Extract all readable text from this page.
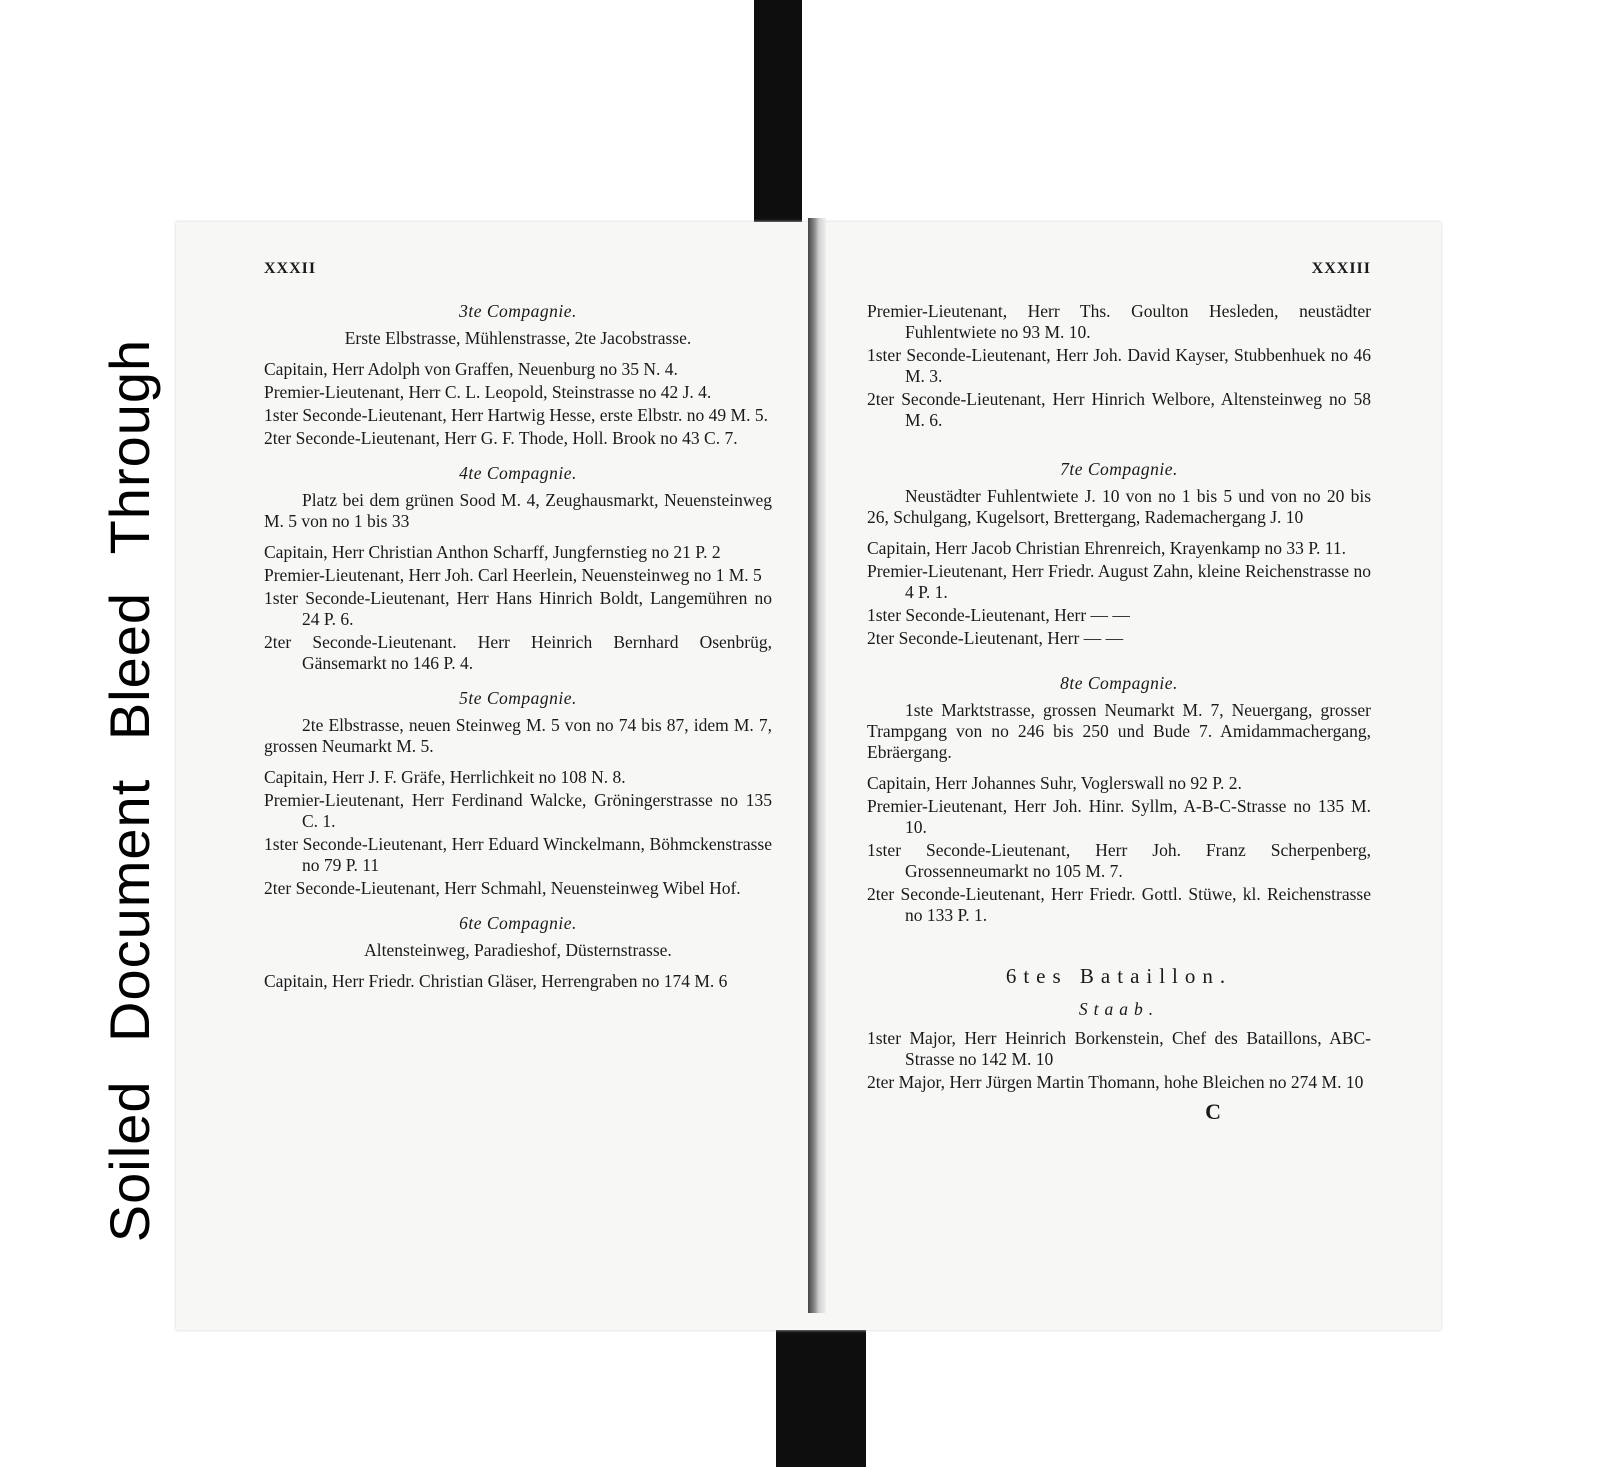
Soiled Document Bleed Through
XXXII
3te Compagnie.
Erste Elbstrasse, Mühlenstrasse, 2te Jacobstrasse.
Capitain, Herr Adolph von Graffen, Neuenburg no 35 N. 4.
Premier-Lieutenant, Herr C. L. Leopold, Steinstrasse no 42 J. 4.
1ster Seconde-Lieutenant, Herr Hartwig Hesse, erste Elbstr. no 49 M. 5.
2ter Seconde-Lieutenant, Herr G. F. Thode, Holl. Brook no 43 C. 7.
4te Compagnie.
Platz bei dem grünen Sood M. 4, Zeughausmarkt, Neuensteinweg M. 5 von no 1 bis 33
Capitain, Herr Christian Anthon Scharff, Jungfernstieg no 21 P. 2
Premier-Lieutenant, Herr Joh. Carl Heerlein, Neuensteinweg no 1 M. 5
1ster Seconde-Lieutenant, Herr Hans Hinrich Boldt, Langemühren no 24 P. 6.
2ter Seconde-Lieutenant. Herr Heinrich Bernhard Osenbrüg, Gänsemarkt no 146 P. 4.
5te Compagnie.
2te Elbstrasse, neuen Steinweg M. 5 von no 74 bis 87, idem M. 7, grossen Neumarkt M. 5.
Capitain, Herr J. F. Gräfe, Herrlichkeit no 108 N. 8.
Premier-Lieutenant, Herr Ferdinand Walcke, Gröningerstrasse no 135 C. 1.
1ster Seconde-Lieutenant, Herr Eduard Winckelmann, Böhmckenstrasse no 79 P. 11
2ter Seconde-Lieutenant, Herr Schmahl, Neuensteinweg Wibel Hof.
6te Compagnie.
Altensteinweg, Paradieshof, Düsternstrasse.
Capitain, Herr Friedr. Christian Gläser, Herrengraben no 174 M. 6
XXXIII
Premier-Lieutenant, Herr Ths. Goulton Hesleden, neustädter Fuhlentwiete no 93 M. 10.
1ster Seconde-Lieutenant, Herr Joh. David Kayser, Stubbenhuek no 46 M. 3.
2ter Seconde-Lieutenant, Herr Hinrich Welbore, Altensteinweg no 58 M. 6.
7te Compagnie.
Neustädter Fuhlentwiete J. 10 von no 1 bis 5 und von no 20 bis 26, Schulgang, Kugelsort, Brettergang, Rademachergang J. 10
Capitain, Herr Jacob Christian Ehrenreich, Krayenkamp no 33 P. 11.
Premier-Lieutenant, Herr Friedr. August Zahn, kleine Reichenstrasse no 4 P. 1.
1ster Seconde-Lieutenant, Herr — —
2ter Seconde-Lieutenant, Herr — —
8te Compagnie.
1ste Marktstrasse, grossen Neumarkt M. 7, Neuergang, grosser Trampgang von no 246 bis 250 und Bude 7. Amidammachergang, Ebräergang.
Capitain, Herr Johannes Suhr, Voglerswall no 92 P. 2.
Premier-Lieutenant, Herr Joh. Hinr. Syllm, A-B-C-Strasse no 135 M. 10.
1ster Seconde-Lieutenant, Herr Joh. Franz Scherpenberg, Grossenneumarkt no 105 M. 7.
2ter Seconde-Lieutenant, Herr Friedr. Gottl. Stüwe, kl. Reichenstrasse no 133 P. 1.
6tes Bataillon.
Staab.
1ster Major, Herr Heinrich Borkenstein, Chef des Bataillons, ABC-Strasse no 142 M. 10
2ter Major, Herr Jürgen Martin Thomann, hohe Bleichen no 274 M. 10
C
